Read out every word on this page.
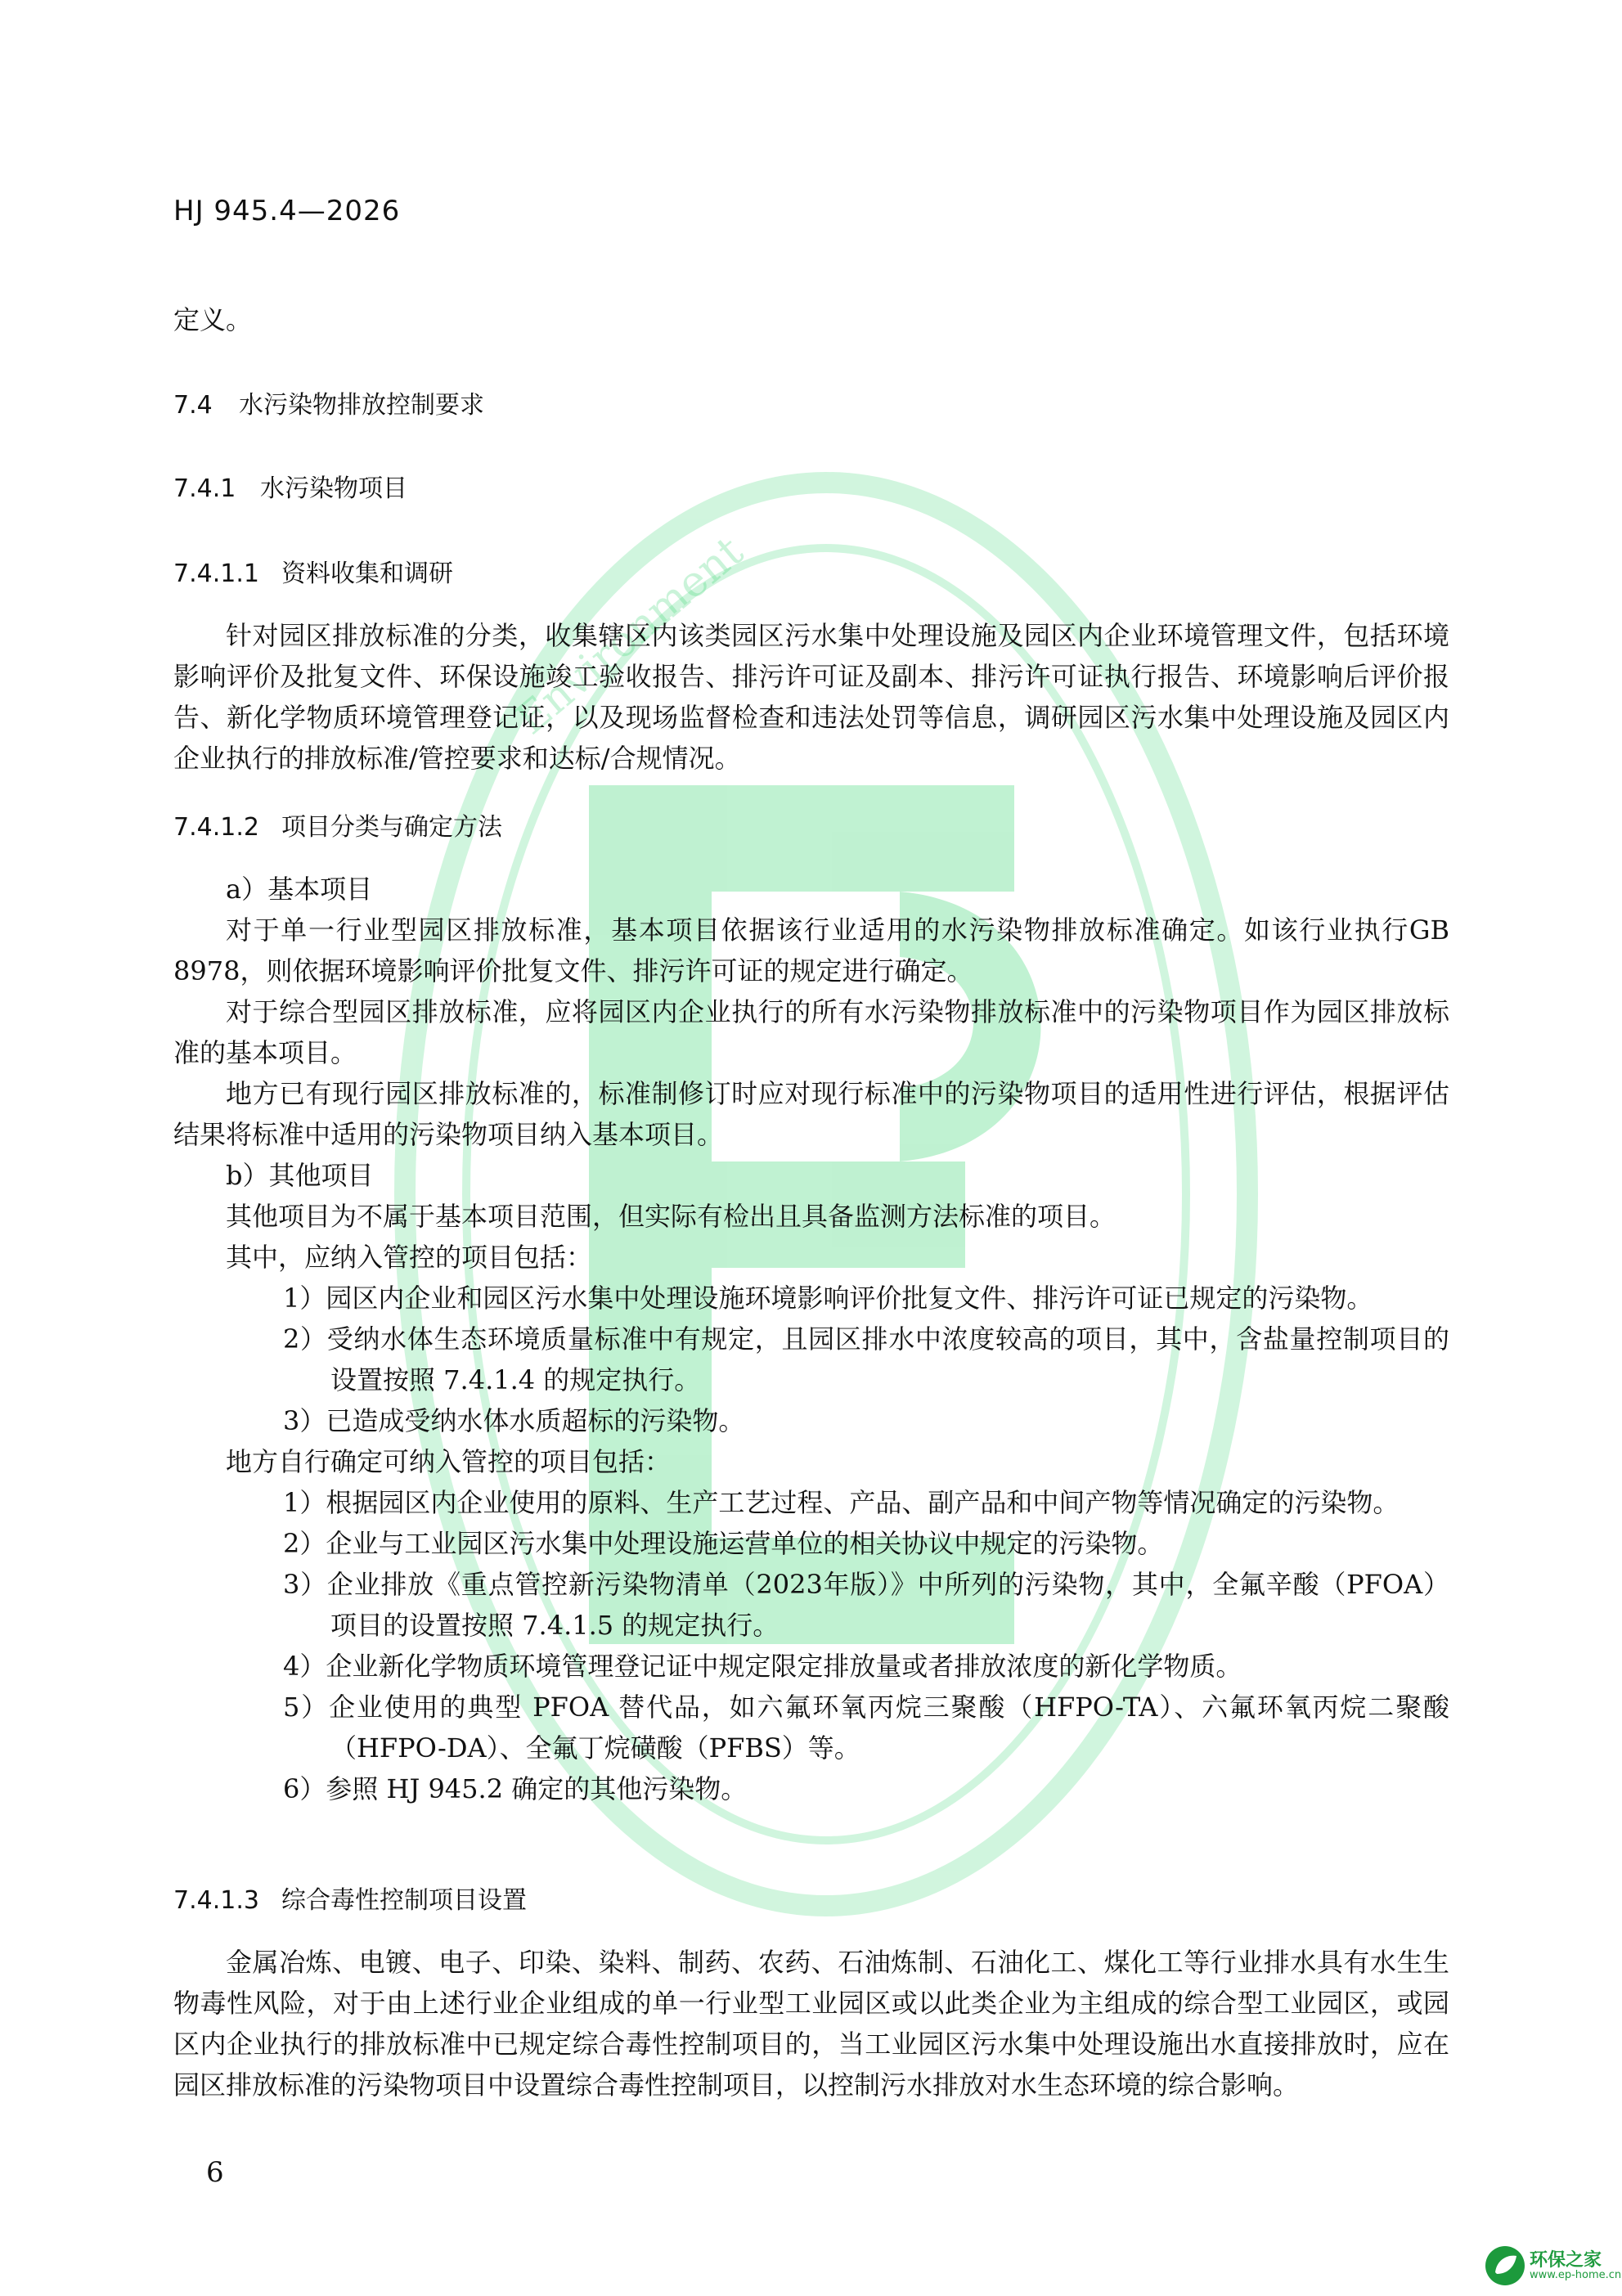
Environment
HJ 945.4—2026
定义。
7.4 水污染物排放控制要求
7.4.1 水污染物项目
7.4.1.1 资料收集和调研
针对园区排放标准的分类，收集辖区内该类园区污水集中处理设施及园区内企业环境管理文件，包括环境影响评价及批复文件、环保设施竣工验收报告、排污许可证及副本、排污许可证执行报告、环境影响后评价报告、新化学物质环境管理登记证，以及现场监督检查和违法处罚等信息，调研园区污水集中处理设施及园区内企业执行的排放标准/管控要求和达标/合规情况。
7.4.1.2 项目分类与确定方法
a）基本项目
对于单一行业型园区排放标准，基本项目依据该行业适用的水污染物排放标准确定。如该行业执行GB 8978，则依据环境影响评价批复文件、排污许可证的规定进行确定。
对于综合型园区排放标准，应将园区内企业执行的所有水污染物排放标准中的污染物项目作为园区排放标准的基本项目。
地方已有现行园区排放标准的，标准制修订时应对现行标准中的污染物项目的适用性进行评估，根据评估结果将标准中适用的污染物项目纳入基本项目。
b）其他项目
其他项目为不属于基本项目范围，但实际有检出且具备监测方法标准的项目。
其中，应纳入管控的项目包括：
1）园区内企业和园区污水集中处理设施环境影响评价批复文件、排污许可证已规定的污染物。
2）受纳水体生态环境质量标准中有规定，且园区排水中浓度较高的项目，其中，含盐量控制项目的设置按照 7.4.1.4 的规定执行。
3）已造成受纳水体水质超标的污染物。
地方自行确定可纳入管控的项目包括：
1）根据园区内企业使用的原料、生产工艺过程、产品、副产品和中间产物等情况确定的污染物。
2）企业与工业园区污水集中处理设施运营单位的相关协议中规定的污染物。
3）企业排放《重点管控新污染物清单（2023年版）》中所列的污染物，其中，全氟辛酸（PFOA）项目的设置按照 7.4.1.5 的规定执行。
4）企业新化学物质环境管理登记证中规定限定排放量或者排放浓度的新化学物质。
5）企业使用的典型 PFOA 替代品，如六氟环氧丙烷三聚酸（HFPO-TA）、六氟环氧丙烷二聚酸（HFPO-DA）、全氟丁烷磺酸（PFBS）等。
6）参照 HJ 945.2 确定的其他污染物。
7.4.1.3 综合毒性控制项目设置
金属冶炼、电镀、电子、印染、染料、制药、农药、石油炼制、石油化工、煤化工等行业排水具有水生生物毒性风险，对于由上述行业企业组成的单一行业型工业园区或以此类企业为主组成的综合型工业园区，或园区内企业执行的排放标准中已规定综合毒性控制项目的，当工业园区污水集中处理设施出水直接排放时，应在园区排放标准的污染物项目中设置综合毒性控制项目，以控制污水排放对水生态环境的综合影响。
6
环保之家
www.ep-home.cn
